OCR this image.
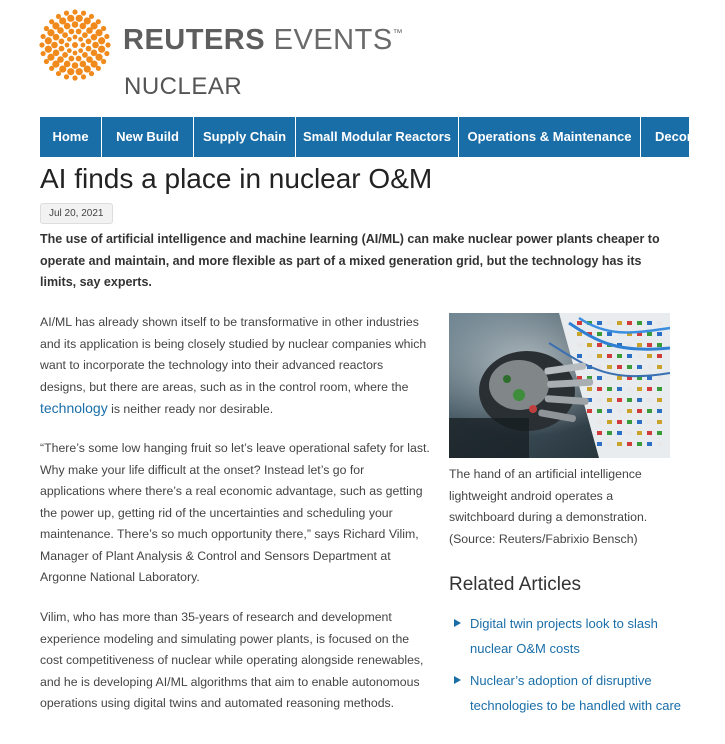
REUTERS EVENTS™
NUCLEAR
Home	New Build	Supply Chain	Small Modular Reactors	Operations & Maintenance	Decom
AI finds a place in nuclear O&M
Jul 20, 2021
The use of artificial intelligence and machine learning (AI/ML) can make nuclear power plants cheaper to operate and maintain, and more flexible as part of a mixed generation grid, but the technology has its limits, say experts.
AI/ML has already shown itself to be transformative in other industries and its application is being closely studied by nuclear companies which want to incorporate the technology into their advanced reactors designs, but there are areas, such as in the control room, where the technology is neither ready nor desirable.
“There’s some low hanging fruit so let’s leave operational safety for last. Why make your life difficult at the onset? Instead let’s go for applications where there’s a real economic advantage, such as getting the power up, getting rid of the uncertainties and scheduling your maintenance. There’s so much opportunity there,” says Richard Vilim, Manager of Plant Analysis & Control and Sensors Department at Argonne National Laboratory.
Vilim, who has more than 35-years of research and development experience modeling and simulating power plants, is focused on the cost competitiveness of nuclear while operating alongside renewables, and he is developing AI/ML algorithms that aim to enable autonomous operations using digital twins and automated reasoning methods.
The hand of an artificial intelligence lightweight android operates a switchboard during a demonstration. (Source: Reuters/Fabrixio Bensch)
Related Articles
Digital twin projects look to slash nuclear O&M costs
Nuclear’s adoption of disruptive technologies to be handled with care
